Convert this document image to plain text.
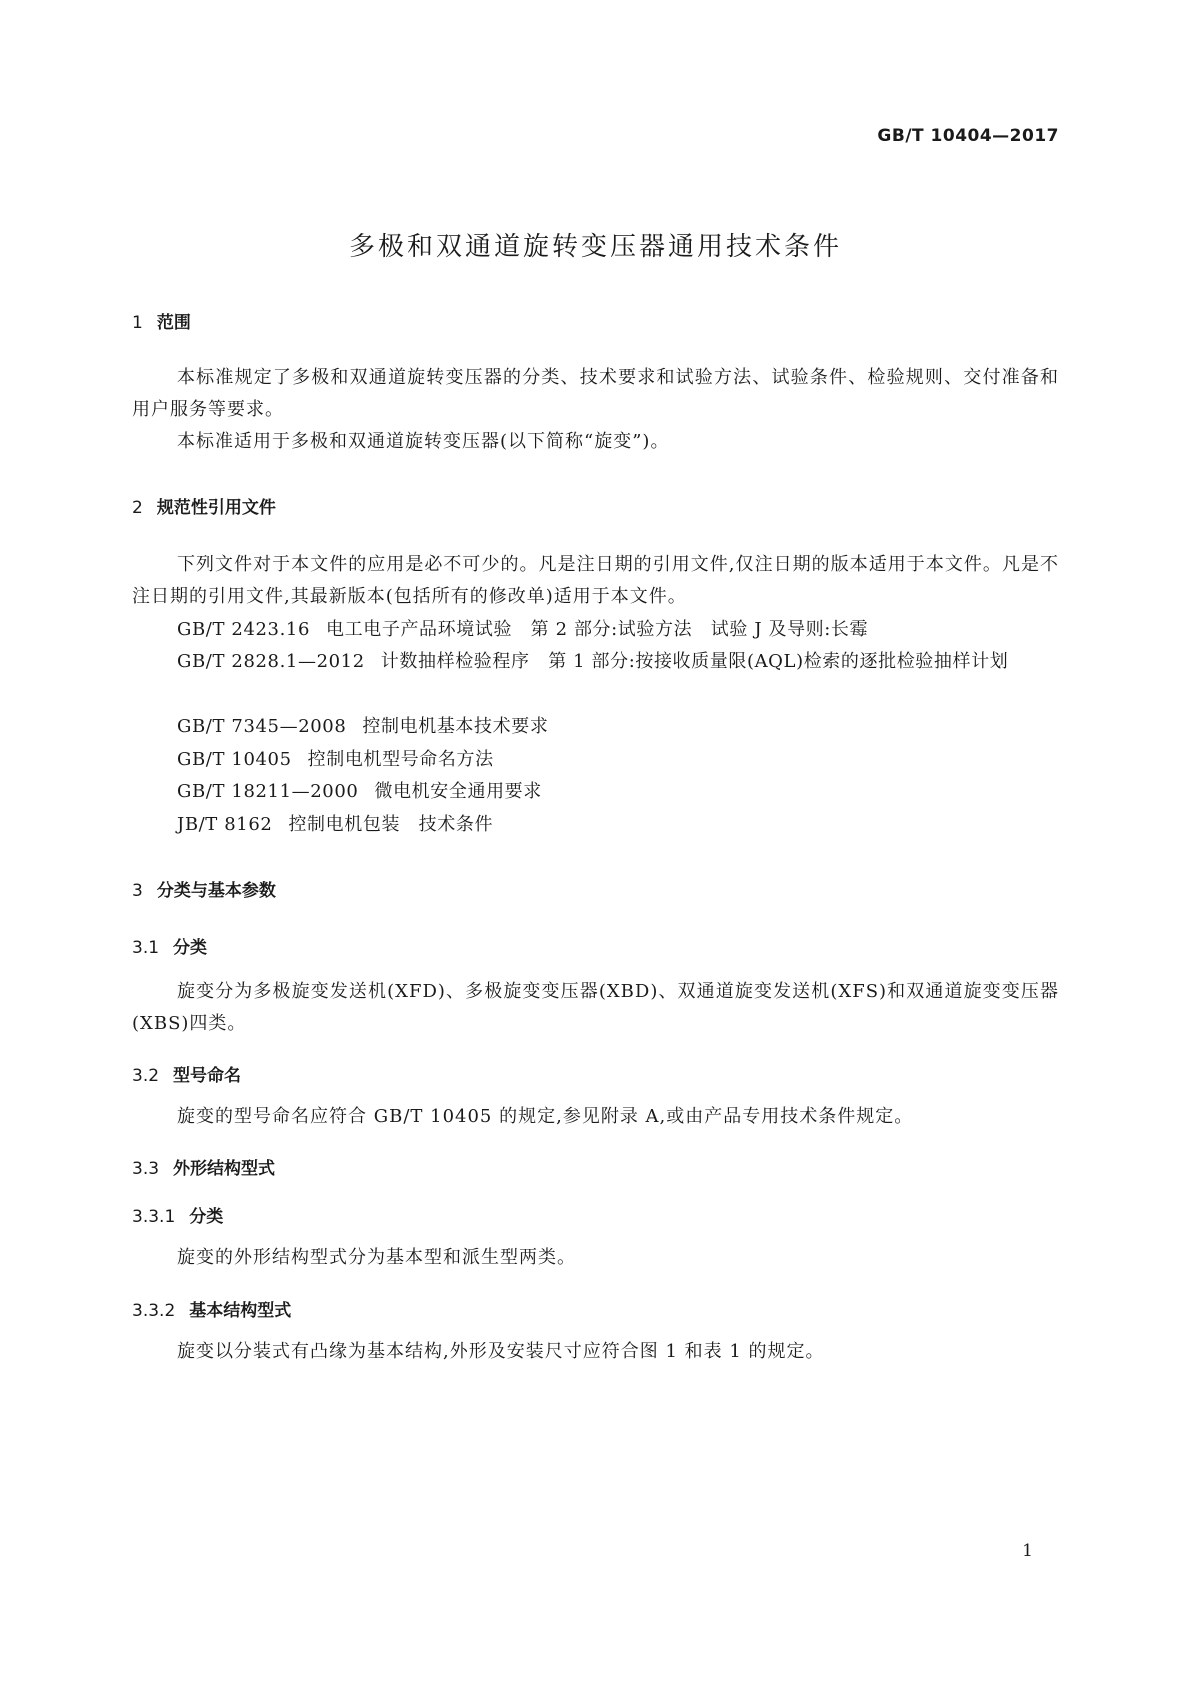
GB/T 10404—2017
多极和双通道旋转变压器通用技术条件
1 范围

本标准规定了多极和双通道旋转变压器的分类、技术要求和试验方法、试验条件、检验规则、交付准备和用户服务等要求。

本标准适用于多极和双通道旋转变压器(以下简称“旋变”)。

2 规范性引用文件

下列文件对于本文件的应用是必不可少的。凡是注日期的引用文件,仅注日期的版本适用于本文件。凡是不注日期的引用文件,其最新版本(包括所有的修改单)适用于本文件。

GB/T 2423.16 电工电子产品环境试验　第 2 部分:试验方法　试验 J 及导则:长霉
GB/T 2828.1—2012 计数抽样检验程序　第 1 部分:按接收质量限(AQL)检索的逐批检验抽样计划
GB/T 7345—2008 控制电机基本技术要求
GB/T 10405 控制电机型号命名方法
GB/T 18211—2000 微电机安全通用要求
JB/T 8162 控制电机包装　技术条件
3 分类与基本参数
3.1 分类

旋变分为多极旋变发送机(XFD)、多极旋变变压器(XBD)、双通道旋变发送机(XFS)和双通道旋变变压器(XBS)四类。

3.2 型号命名

旋变的型号命名应符合 GB/T 10405 的规定,参见附录 A,或由产品专用技术条件规定。

3.3 外形结构型式
3.3.1 分类

旋变的外形结构型式分为基本型和派生型两类。

3.3.2 基本结构型式

旋变以分装式有凸缘为基本结构,外形及安装尺寸应符合图 1 和表 1 的规定。

1
